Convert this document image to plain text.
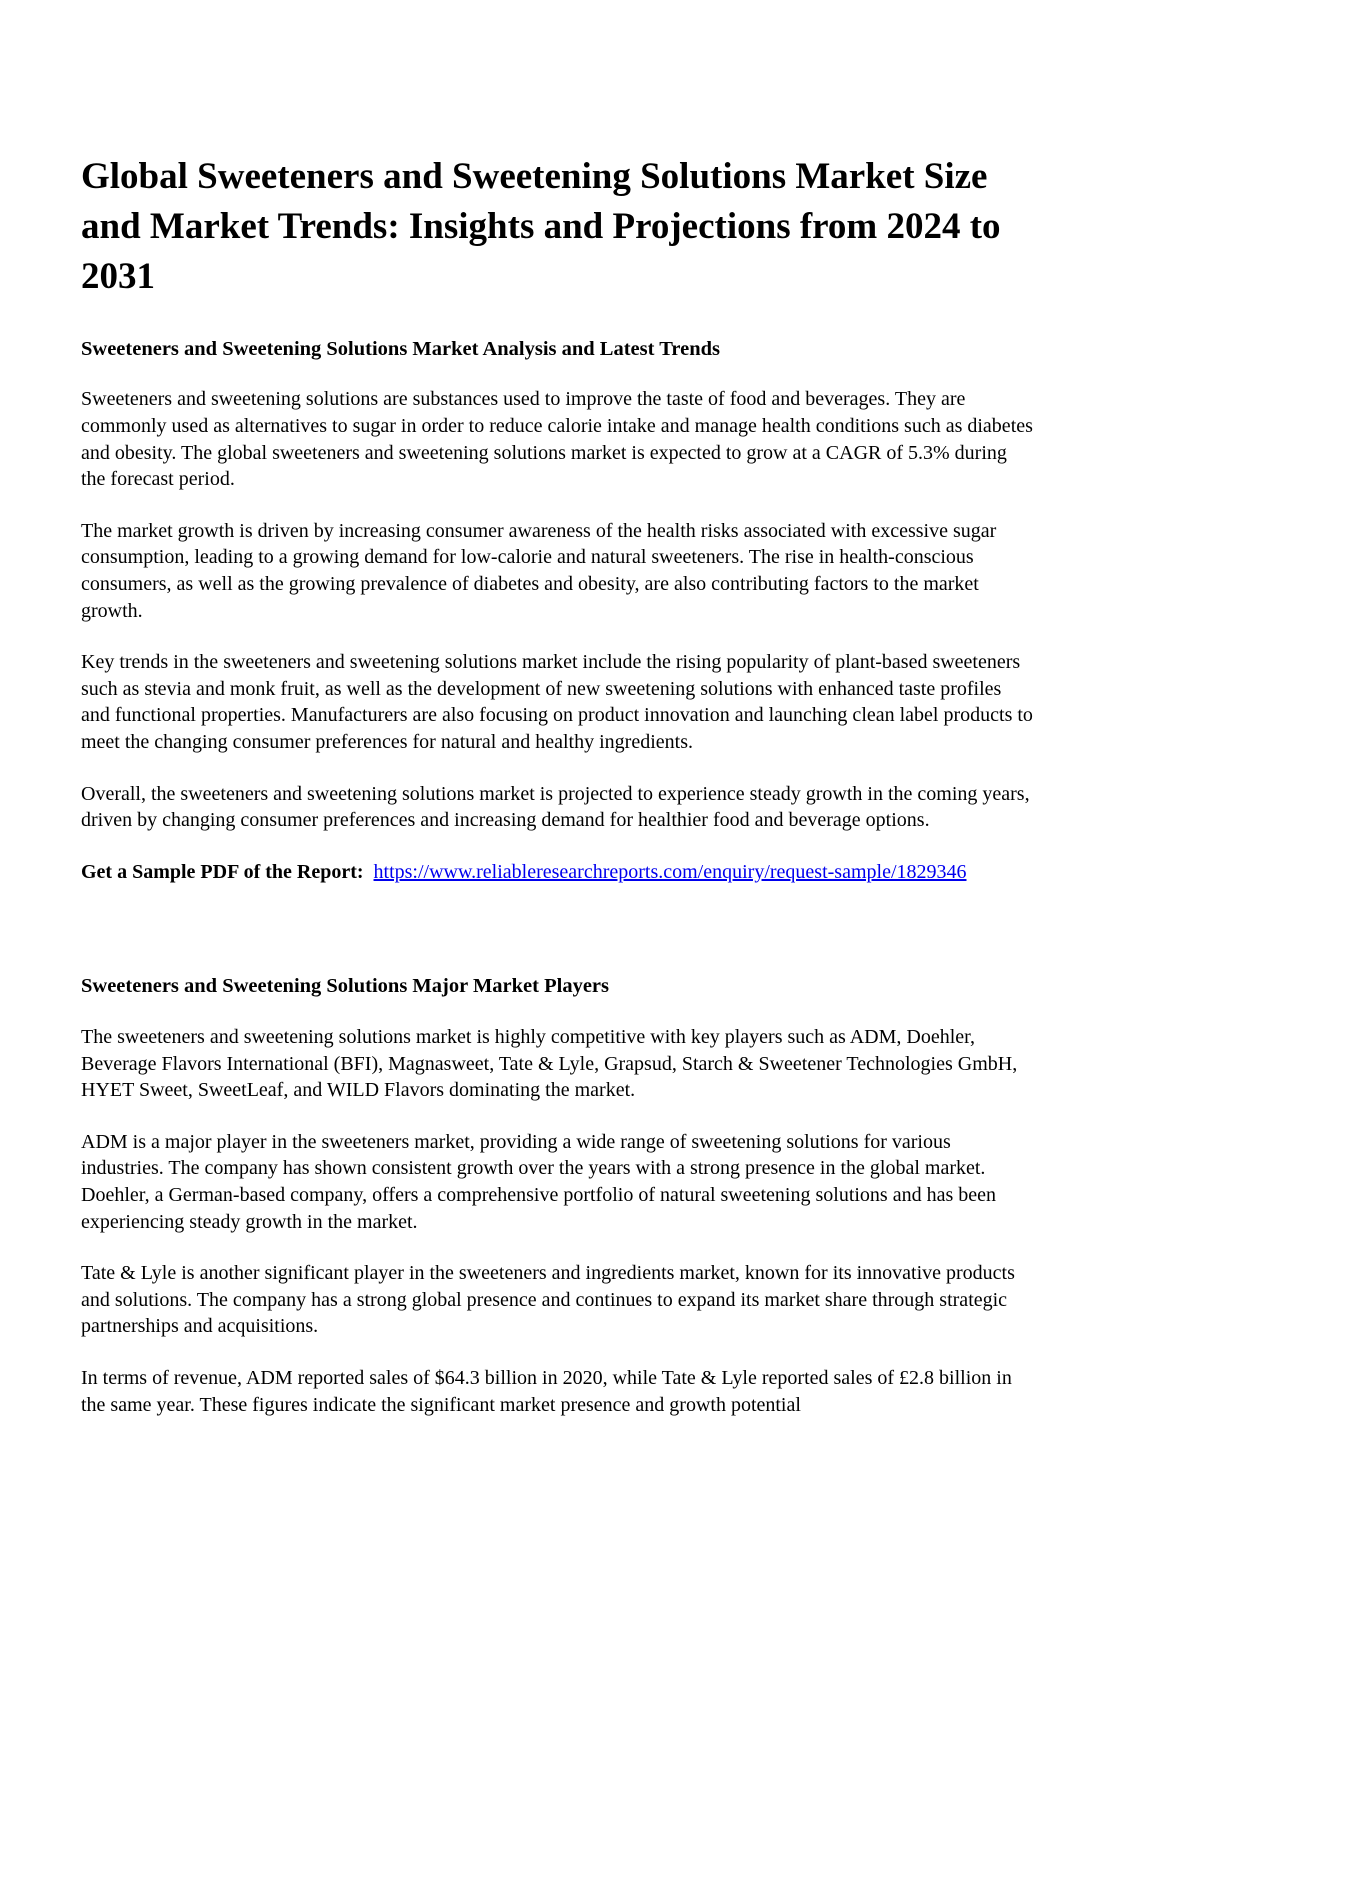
Global Sweeteners and Sweetening Solutions Market Size and Market Trends: Insights and Projections from 2024 to 2031
Sweeteners and Sweetening Solutions Market Analysis and Latest Trends

Sweeteners and sweetening solutions are substances used to improve the taste of food and beverages. They are commonly used as alternatives to sugar in order to reduce calorie intake and manage health conditions such as diabetes and obesity. The global sweeteners and sweetening solutions market is expected to grow at a CAGR of 5.3% during the forecast period.

The market growth is driven by increasing consumer awareness of the health risks associated with excessive sugar consumption, leading to a growing demand for low-calorie and natural sweeteners. The rise in health-conscious consumers, as well as the growing prevalence of diabetes and obesity, are also contributing factors to the market growth.

Key trends in the sweeteners and sweetening solutions market include the rising popularity of plant-based sweeteners such as stevia and monk fruit, as well as the development of new sweetening solutions with enhanced taste profiles and functional properties. Manufacturers are also focusing on product innovation and launching clean label products to meet the changing consumer preferences for natural and healthy ingredients.

Overall, the sweeteners and sweetening solutions market is projected to experience steady growth in the coming years, driven by changing consumer preferences and increasing demand for healthier food and beverage options.

Get a Sample PDF of the Report: https://www.reliableresearchreports.com/enquiry/request-sample/1829346

Sweeteners and Sweetening Solutions Major Market Players

The sweeteners and sweetening solutions market is highly competitive with key players such as ADM, Doehler, Beverage Flavors International (BFI), Magnasweet, Tate & Lyle, Grapsud, Starch & Sweetener Technologies GmbH, HYET Sweet, SweetLeaf, and WILD Flavors dominating the market.

ADM is a major player in the sweeteners market, providing a wide range of sweetening solutions for various industries. The company has shown consistent growth over the years with a strong presence in the global market. Doehler, a German-based company, offers a comprehensive portfolio of natural sweetening solutions and has been experiencing steady growth in the market.

Tate & Lyle is another significant player in the sweeteners and ingredients market, known for its innovative products and solutions. The company has a strong global presence and continues to expand its market share through strategic partnerships and acquisitions.

In terms of revenue, ADM reported sales of $64.3 billion in 2020, while Tate & Lyle reported sales of £2.8 billion in the same year. These figures indicate the significant market presence and growth potential
